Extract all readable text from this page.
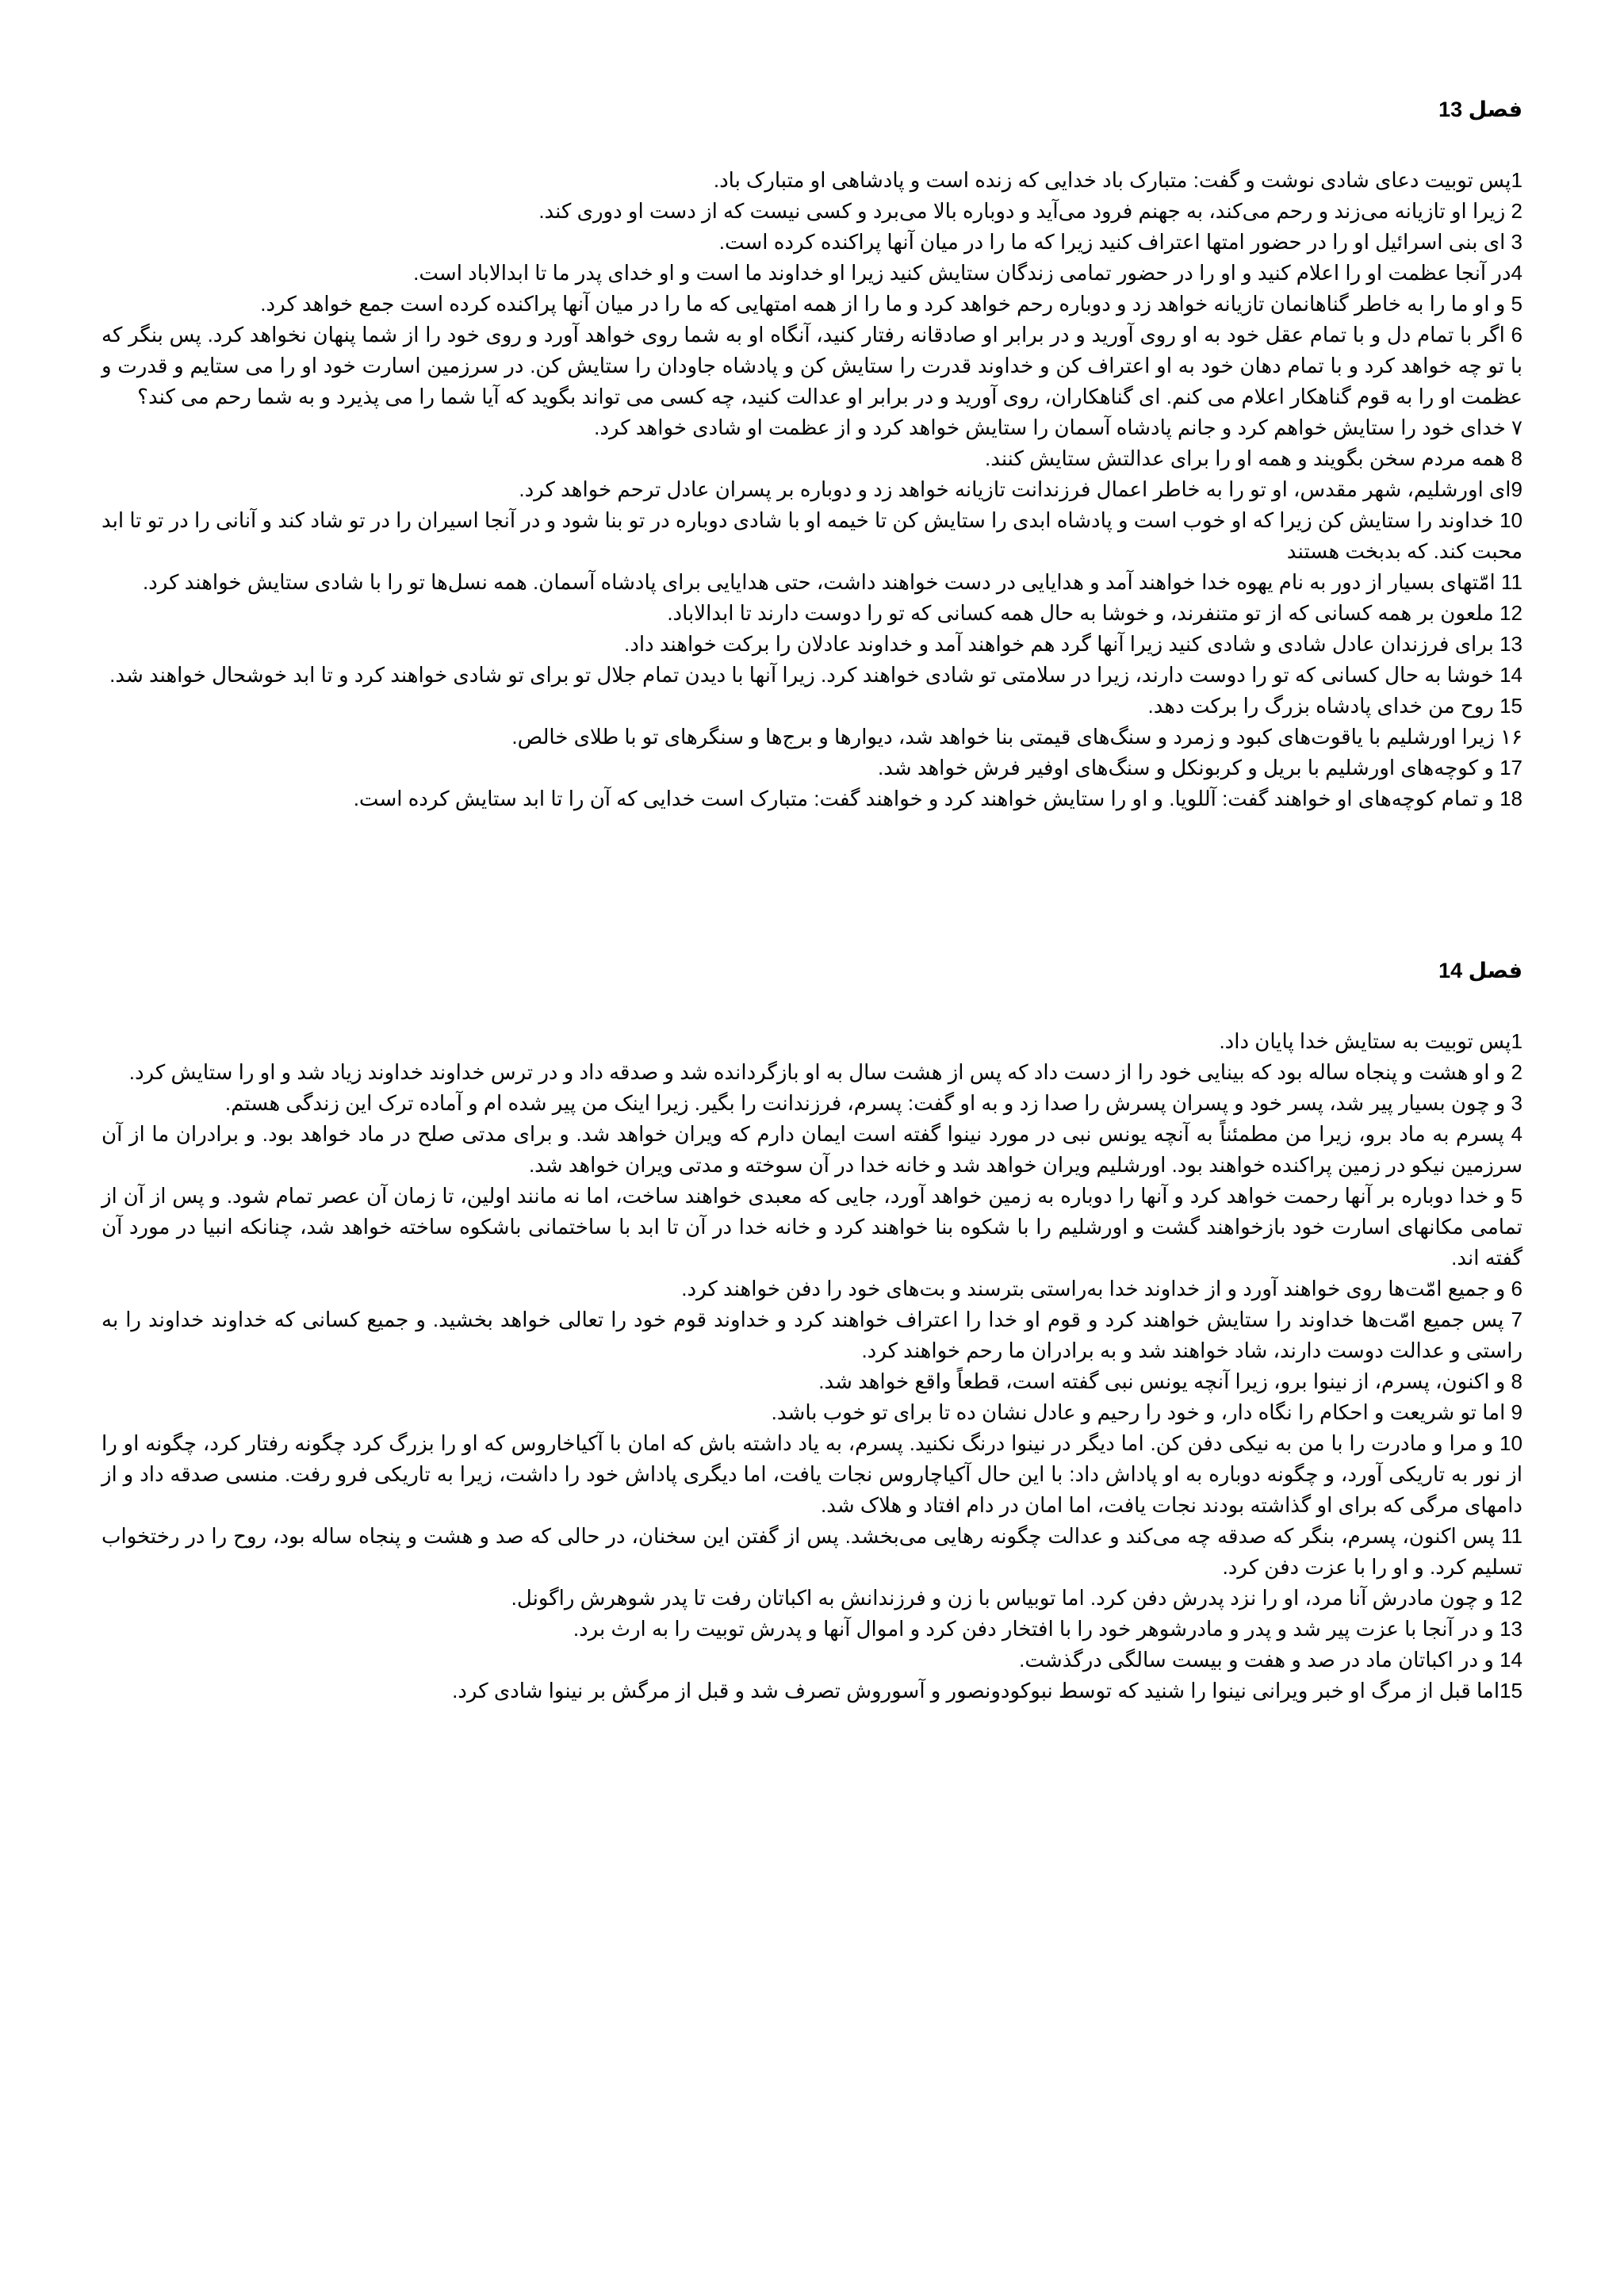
فصل 13

1پس توبیت دعای شادی نوشت و گفت: متبارک باد خدایی که زنده است و پادشاهی او متبارک باد.

2 زیرا او تازیانه می‌زند و رحم می‌کند، به جهنم فرود می‌آید و دوباره بالا می‌برد و کسی نیست که از دست او دوری کند.

3 ای بنی اسرائیل او را در حضور امتها اعتراف کنید زیرا که ما را در میان آنها پراکنده کرده است.

4در آنجا عظمت او را اعلام کنید و او را در حضور تمامی زندگان ستایش کنید زیرا او خداوند ما است و او خدای پدر ما تا ابدالاباد است.

5 و او ما را به خاطر گناهانمان تازیانه خواهد زد و دوباره رحم خواهد کرد و ما را از همه امتهایی که ما را در میان آنها پراکنده کرده است جمع خواهد کرد.

6 اگر با تمام دل و با تمام عقل خود به او روی آورید و در برابر او صادقانه رفتار کنید، آنگاه او به شما روی خواهد آورد و روی خود را از شما پنهان نخواهد کرد. پس بنگر که با تو چه خواهد کرد و با تمام دهان خود به او اعتراف کن و خداوند قدرت را ستایش کن و پادشاه جاودان را ستایش کن. در سرزمین اسارت خود او را می ستایم و قدرت و عظمت او را به قوم گناهکار اعلام می کنم. ای گناهکاران، روی آورید و در برابر او عدالت کنید، چه کسی می تواند بگوید که آیا شما را می پذیرد و به شما رحم می کند؟

۷ خدای خود را ستایش خواهم کرد و جانم پادشاه آسمان را ستایش خواهد کرد و از عظمت او شادی خواهد کرد.

8 همه مردم سخن بگویند و همه او را برای عدالتش ستایش کنند.

9ای اورشلیم، شهر مقدس، او تو را به خاطر اعمال فرزندانت تازیانه خواهد زد و دوباره بر پسران عادل ترحم خواهد کرد.

10 خداوند را ستایش کن زیرا که او خوب است و پادشاه ابدی را ستایش کن تا خیمه او با شادی دوباره در تو بنا شود و در آنجا اسیران را در تو شاد کند و آنانی را در تو تا ابد محبت کند. که بدبخت هستند

11 امّتهای بسیار از دور به نام یهوه خدا خواهند آمد و هدایایی در دست خواهند داشت، حتی هدایایی برای پادشاه آسمان. همه نسل‌ها تو را با شادی ستایش خواهند کرد.

12 ملعون بر همه کسانی که از تو متنفرند، و خوشا به حال همه کسانی که تو را دوست دارند تا ابدالاباد.

13 برای فرزندان عادل شادی و شادی کنید زیرا آنها گرد هم خواهند آمد و خداوند عادلان را برکت خواهند داد.

14 خوشا به حال کسانی که تو را دوست دارند، زیرا در سلامتی تو شادی خواهند کرد. زیرا آنها با دیدن تمام جلال تو برای تو شادی خواهند کرد و تا ابد خوشحال خواهند شد.

15 روح من خدای پادشاه بزرگ را برکت دهد.

۱۶ زیرا اورشلیم با یاقوت‌های کبود و زمرد و سنگ‌های قیمتی بنا خواهد شد، دیوارها و برج‌ها و سنگرهای تو با طلای خالص.

17 و کوچه‌های اورشلیم با بریل و کربونکل و سنگ‌های اوفیر فرش خواهد شد.

18 و تمام کوچه‌های او خواهند گفت: آللویا. و او را ستایش خواهند کرد و خواهند گفت: متبارک است خدایی که آن را تا ابد ستایش کرده است.

فصل 14

1پس توبیت به ستایش خدا پایان داد.

2 و او هشت و پنجاه ساله بود که بینایی خود را از دست داد که پس از هشت سال به او بازگردانده شد و صدقه داد و در ترس خداوند خداوند زیاد شد و او را ستایش کرد.

3 و چون بسیار پیر شد، پسر خود و پسران پسرش را صدا زد و به او گفت: پسرم، فرزندانت را بگیر. زیرا اینک من پیر شده ام و آماده ترک این زندگی هستم.

4 پسرم به ماد برو، زیرا من مطمئناً به آنچه یونس نبی در مورد نینوا گفته است ایمان دارم که ویران خواهد شد. و برای مدتی صلح در ماد خواهد بود. و برادران ما از آن سرزمین نیکو در زمین پراکنده خواهند بود. اورشلیم ویران خواهد شد و خانه خدا در آن سوخته و مدتی ویران خواهد شد.

5 و خدا دوباره بر آنها رحمت خواهد کرد و آنها را دوباره به زمین خواهد آورد، جایی که معبدی خواهند ساخت، اما نه مانند اولین، تا زمان آن عصر تمام شود. و پس از آن از تمامی مکانهای اسارت خود بازخواهند گشت و اورشلیم را با شکوه بنا خواهند کرد و خانه خدا در آن تا ابد با ساختمانی باشکوه ساخته خواهد شد، چنانکه انبیا در مورد آن گفته اند.

6 و جمیع امّت‌ها روی خواهند آورد و از خداوند خدا به‌راستی بترسند و بت‌های خود را دفن خواهند کرد.

7 پس جمیع امّت‌ها خداوند را ستایش خواهند کرد و قوم او خدا را اعتراف خواهند کرد و خداوند قوم خود را تعالی خواهد بخشید. و جمیع کسانی که خداوند خداوند را به راستی و عدالت دوست دارند، شاد خواهند شد و به برادران ما رحم خواهند کرد.

8 و اکنون، پسرم، از نینوا برو، زیرا آنچه یونس نبی گفته است، قطعاً واقع خواهد شد.

9 اما تو شریعت و احکام را نگاه دار، و خود را رحیم و عادل نشان ده تا برای تو خوب باشد.

10 و مرا و مادرت را با من به نیکی دفن کن. اما دیگر در نینوا درنگ نکنید. پسرم، به یاد داشته باش که امان با آکیاخاروس که او را بزرگ کرد چگونه رفتار کرد، چگونه او را از نور به تاریکی آورد، و چگونه دوباره به او پاداش داد: با این حال آکیاچاروس نجات یافت، اما دیگری پاداش خود را داشت، زیرا به تاریکی فرو رفت. منسی صدقه داد و از دامهای مرگی که برای او گذاشته بودند نجات یافت، اما امان در دام افتاد و هلاک شد.

11 پس اکنون، پسرم، بنگر که صدقه چه می‌کند و عدالت چگونه رهایی می‌بخشد. پس از گفتن این سخنان، در حالی که صد و هشت و پنجاه ساله بود، روح را در رختخواب تسلیم کرد. و او را با عزت دفن کرد.

12 و چون مادرش آنا مرد، او را نزد پدرش دفن کرد. اما توبیاس با زن و فرزندانش به اکباتان رفت تا پدر شوهرش راگونل.

13 و در آنجا با عزت پیر شد و پدر و مادرشوهر خود را با افتخار دفن کرد و اموال آنها و پدرش توبیت را به ارث برد.

14 و در اکباتان ماد در صد و هفت و بیست سالگی درگذشت.

15اما قبل از مرگ او خبر ویرانی نینوا را شنید که توسط نبوکودونصور و آسوروش تصرف شد و قبل از مرگش بر نینوا شادی کرد.
